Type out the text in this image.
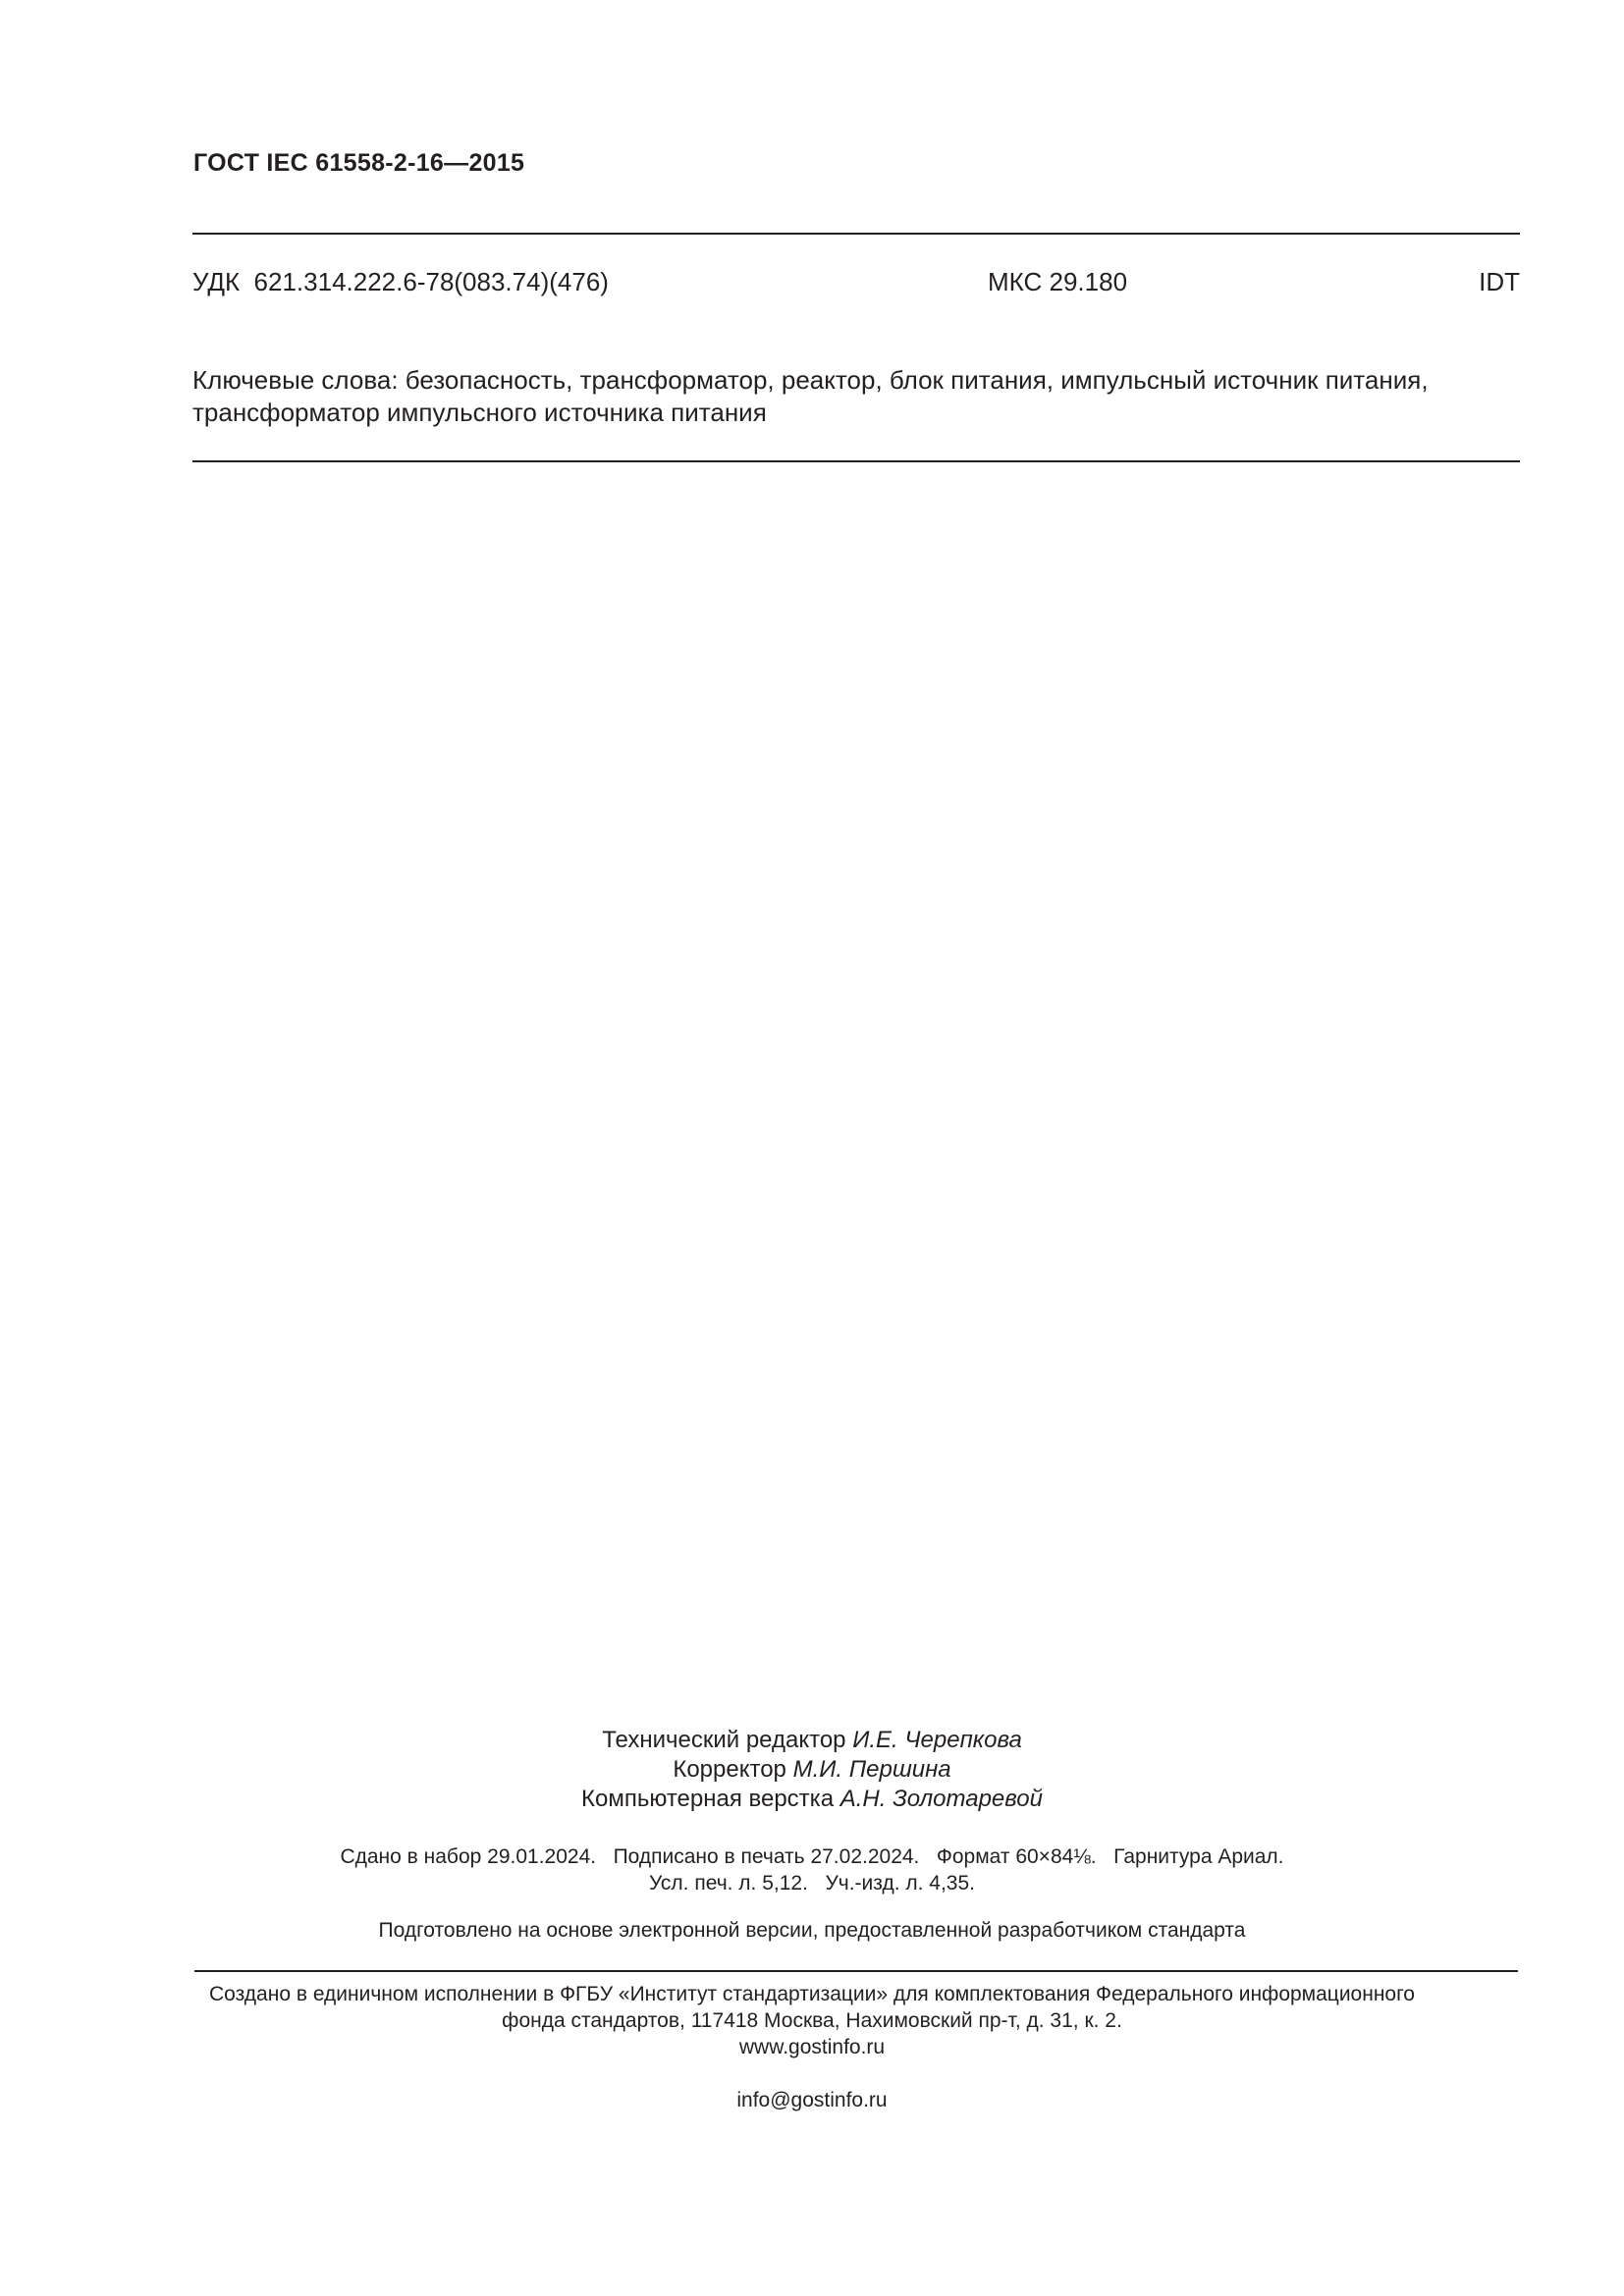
ГОСТ IEC 61558-2-16—2015
УДК  621.314.222.6-78(083.74)(476)	МКС 29.180	IDT
Ключевые слова: безопасность, трансформатор, реактор, блок питания, импульсный источник питания,
трансформатор импульсного источника питания
Технический редактор И.Е. Черепкова
Корректор М.И. Першина
Компьютерная верстка А.Н. Золотаревой
Сдано в набор 29.01.2024.   Подписано в печать 27.02.2024.   Формат 60×84⅛.   Гарнитура Ариал.
Усл. печ. л. 5,12.   Уч.-изд. л. 4,35.
Подготовлено на основе электронной версии, предоставленной разработчиком стандарта
Создано в единичном исполнении в ФГБУ «Институт стандартизации» для комплектования Федерального информационного
фонда стандартов, 117418 Москва, Нахимовский пр-т, д. 31, к. 2.
www.gostinfo.ru
info@gostinfo.ru
